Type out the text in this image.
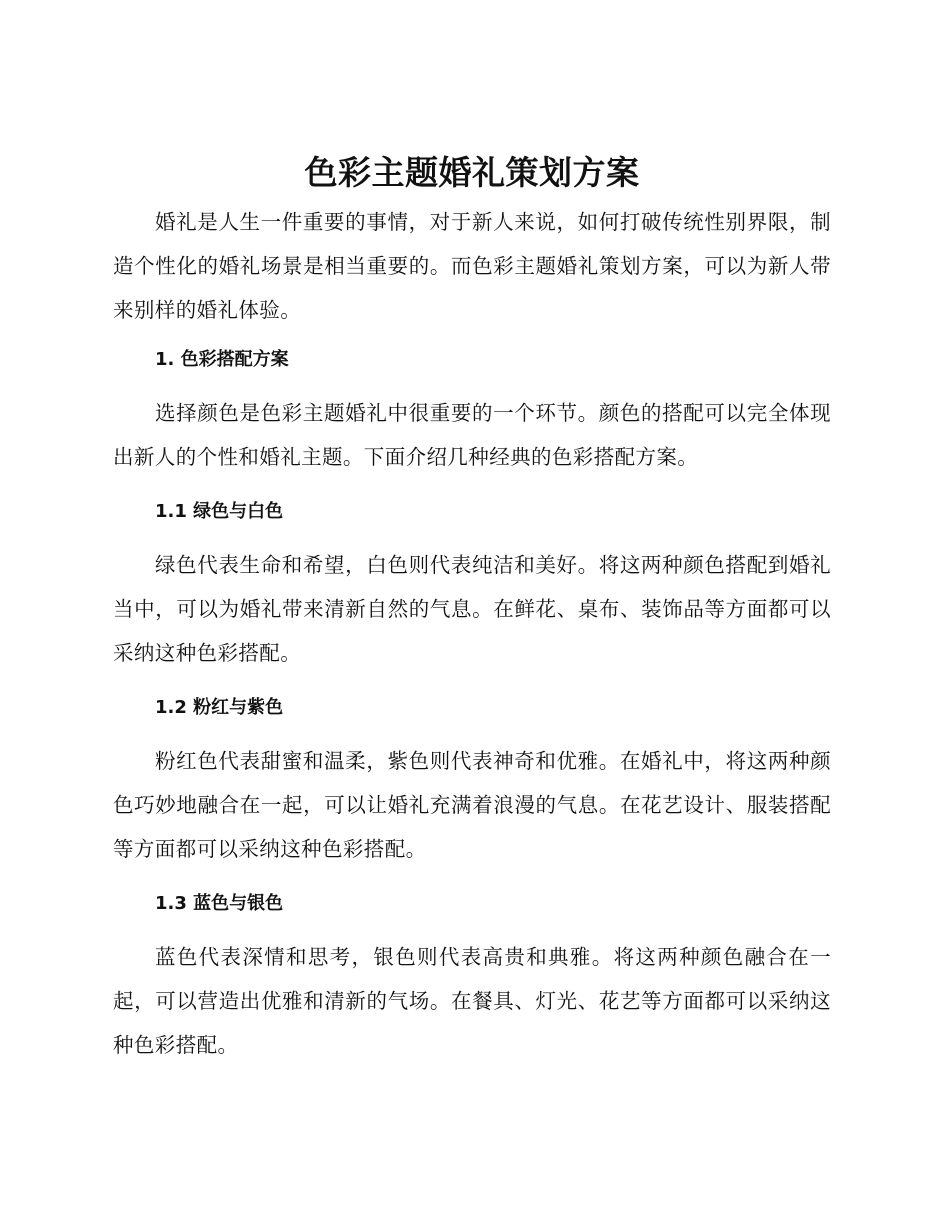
色彩主题婚礼策划方案

婚礼是人生一件重要的事情，对于新人来说，如何打破传统性别界限，制造个性化的婚礼场景是相当重要的。而色彩主题婚礼策划方案，可以为新人带来别样的婚礼体验。

1. 色彩搭配方案

选择颜色是色彩主题婚礼中很重要的一个环节。颜色的搭配可以完全体现出新人的个性和婚礼主题。下面介绍几种经典的色彩搭配方案。

1.1 绿色与白色

绿色代表生命和希望，白色则代表纯洁和美好。将这两种颜色搭配到婚礼当中，可以为婚礼带来清新自然的气息。在鲜花、桌布、装饰品等方面都可以采纳这种色彩搭配。

1.2 粉红与紫色

粉红色代表甜蜜和温柔，紫色则代表神奇和优雅。在婚礼中，将这两种颜色巧妙地融合在一起，可以让婚礼充满着浪漫的气息。在花艺设计、服装搭配等方面都可以采纳这种色彩搭配。

1.3 蓝色与银色

蓝色代表深情和思考，银色则代表高贵和典雅。将这两种颜色融合在一起，可以营造出优雅和清新的气场。在餐具、灯光、花艺等方面都可以采纳这种色彩搭配。
